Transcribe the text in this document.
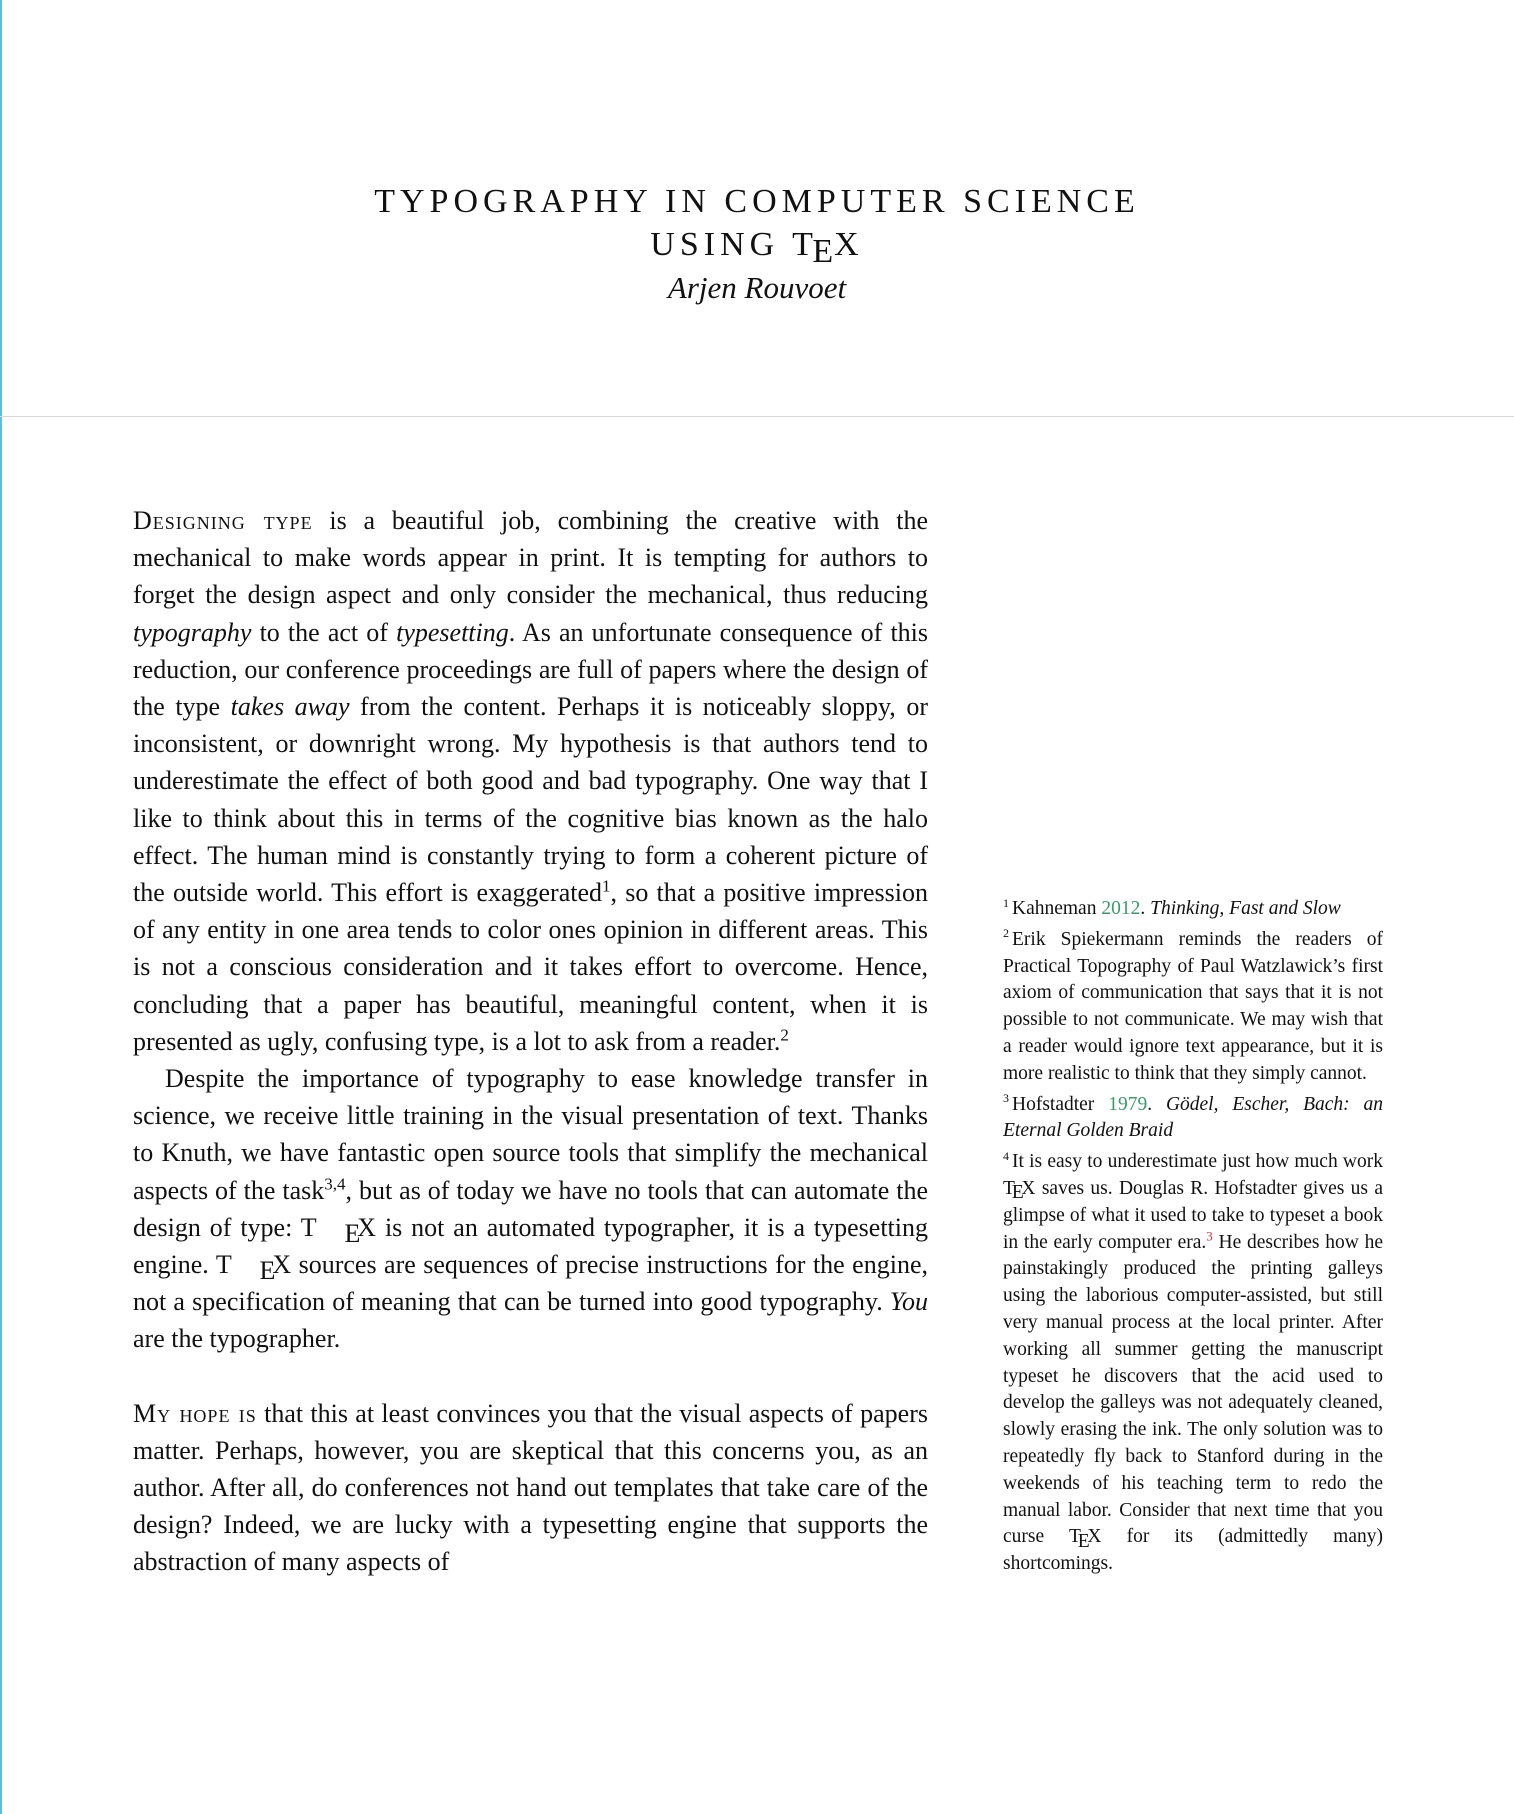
TYPOGRAPHY IN COMPUTER SCIENCE
USING TEX
Arjen Rouvoet

Designing type is a beautiful job, combining the creative with the mechanical to make words appear in print. It is tempting for authors to forget the design aspect and only consider the mechanical, thus reducing typography to the act of typesetting. As an unfortunate consequence of this reduction, our conference proceedings are full of papers where the design of the type takes away from the content. Perhaps it is noticeably sloppy, or inconsistent, or downright wrong. My hypothesis is that authors tend to underestimate the effect of both good and bad typography. One way that I like to think about this in terms of the cognitive bias known as the halo effect. The human mind is constantly trying to form a coherent picture of the outside world. This effort is exaggerated$^1$, so that a positive impression of any entity in one area tends to color ones opinion in different areas. This is not a conscious consideration and it takes effort to overcome. Hence, concluding that a paper has beautiful, meaningful content, when it is presented as ugly, confusing type, is a lot to ask from a reader.$^2$

Despite the importance of typography to ease knowledge transfer in science, we receive little training in the visual presentation of text. Thanks to Knuth, we have fantastic open source tools that simplify the mechanical aspects of the task$^{3,4}$, but as of today we have no tools that can automate the design of type: T EX is not an automated typographer, it is a typesetting engine. T EX sources are sequences of precise instructions for the engine, not a specification of meaning that can be turned into good typography. You are the typographer.

My hope is that this at least convinces you that the visual aspects of papers matter. Perhaps, however, you are skeptical that this concerns you, as an author. After all, do conferences not hand out templates that take care of the design? Indeed, we are lucky with a typesetting engine that supports the abstraction of many aspects of

$^1$ Kahneman 2012. Thinking, Fast and Slow
$^2$ Erik Spiekermann reminds the readers of Practical Topography of Paul Watzlawick’s first axiom of communication that says that it is not possible to not communicate. We may wish that a reader would ignore text appearance, but it is more realistic to think that they simply cannot.
$^3$ Hofstadter 1979. Gödel, Escher, Bach: an Eternal Golden Braid
$^4$ It is easy to underestimate just how much work TEX saves us. Douglas R. Hofstadter gives us a glimpse of what it used to take to typeset a book in the early computer era.$^3$ He describes how he painstakingly produced the printing galleys using the laborious computer-assisted, but still very manual process at the local printer. After working all summer getting the manuscript typeset he discovers that the acid used to develop the galleys was not adequately cleaned, slowly erasing the ink. The only solution was to repeatedly fly back to Stanford during in the weekends of his teaching term to redo the manual labor. Consider that next time that you curse TEX for its (admittedly many) shortcomings.
